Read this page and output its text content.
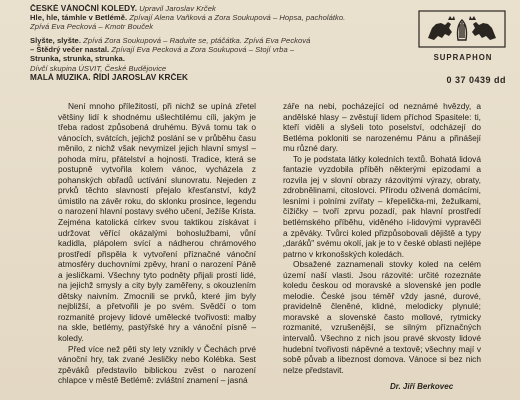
ČESKÉ VÁNOČNÍ KOLEDY. Upravil Jaroslav Krček
Hle, hle, támhle v Betlémě. Zpívají Alena Vaňková a Zora Soukupová – Hopsa, pacholátko.
Zpívá Eva Pecková – Kmotr Bouček
Slyšte, slyšte. Zpívá Zora Soukupová – Raduite se, ptáčátka. Zpívá Eva Pecková
– Štědrý večer nastal. Zpívají Eva Pecková a Zora Soukupová – Stojí vrba –
Strunka, strunka, strunka.
Dívčí skupina ÚSVIT, České Budějovice
MALÁ MUZIKA. ŘÍDÍ JAROSLAV KRČEK
SUPRAPHON
0 37 0439 dd

Není mnoho příležitostí, při nichž se upíná zřetel většiny lidí k shodnému ušlechtilému cíli, jakým je třeba radost způsobená druhému. Bývá tomu tak o vánocích, svátcích, jejichž poslání se v průběhu času měnilo, z nichž však nevymizel jejich hlavní smysl – pohoda míru, přátelství a hojnosti. Tradice, která se postupně vytvořila kolem vánoc, vycházela z pohanských obřadů uctívání slunovratu. Nejeden z prvků těchto slavností přejalo křesťanství, když úmistilo na závěr roku, do sklonku prosince, legendu o narození hlavní postavy svého učení, Ježíše Krista. Zejména katolická církev svou taktikou získávat i udržovat věřící okázalými bohoslužbami, vůní kadidla, plápolem svící a nádherou chrámového prostředí přispěla k vytvoření příznačné vánoční atmosféry duchovními zpěvy, hraní o narození Páně a jesličkami. Všechny tyto podněty přijali prostí lidé, na jejichž smysly a city byly zaměřeny, s okouzlením dětsky naivním. Zmocnili se prvků, které jim byly nejbližší, a přetvořili je po svém. Svědčí o tom rozmanité projevy lidové umělecké tvořivosti: malby na skle, betlémy, pastýřské hry a vánoční písně – koledy.

Před více než pěti sty lety vznikly v Čechách prvé vánoční hry, tak zvané Jesličky nebo Kolébka. Sest zpěváků představilo biblickou zvěst o narození chlapce v městě Betlémě: zvláštní znamení – jasná

záře na nebi, pocházející od neznámé hvězdy, a andělské hlasy – zvěstují lidem příchod Spasitele: ti, kteří viděli a slyšeli toto poselství, odcházejí do Betléma pokloniti se narozenému Pánu a přinášejí mu různé dary.

To je podstata látky koledních textů. Bohatá lidová fantazie vyzdobila příběh některými epizodami a rozvila jej v slovní obrazy rázovitými výrazy, obraty, zdrobnělinami, citoslovci. Přírodu oživená domácími, lesními i polními zvířaty – křepelička-mi, žežulkami, čížičky – tvoří zprvu pozadí, pak hlavní prostředí betlémského příběhu, viděného i-lidovými vypravěči a zpěváky. Tvůrci koled přizpůsobovali dějiště a typy „daráků" svému okolí, jak je to v české oblasti nejlépe patrno v krkonošských koledách.

Obsažené zaznamenali stovky koled na celém území naší vlasti. Jsou rázovité: určité rozeznáte koledu českou od moravské a slovenské jen podle melodie. České jsou téměř vždy jasné, durové, pravidelně členěné, klidné, melodicky plynulé; moravské a slovenské často mollové, rytmicky rozmanité, vzrušenější, se silným příznačných intervalů. Všechno z nich jsou pravé skvosty lidové hudební tvořivosti nápěvné a textově; všechny mají v sobě půvab a libeznost domova. Vánoce si bez nich nelze představit.

Dr. Jiří Berkovec
